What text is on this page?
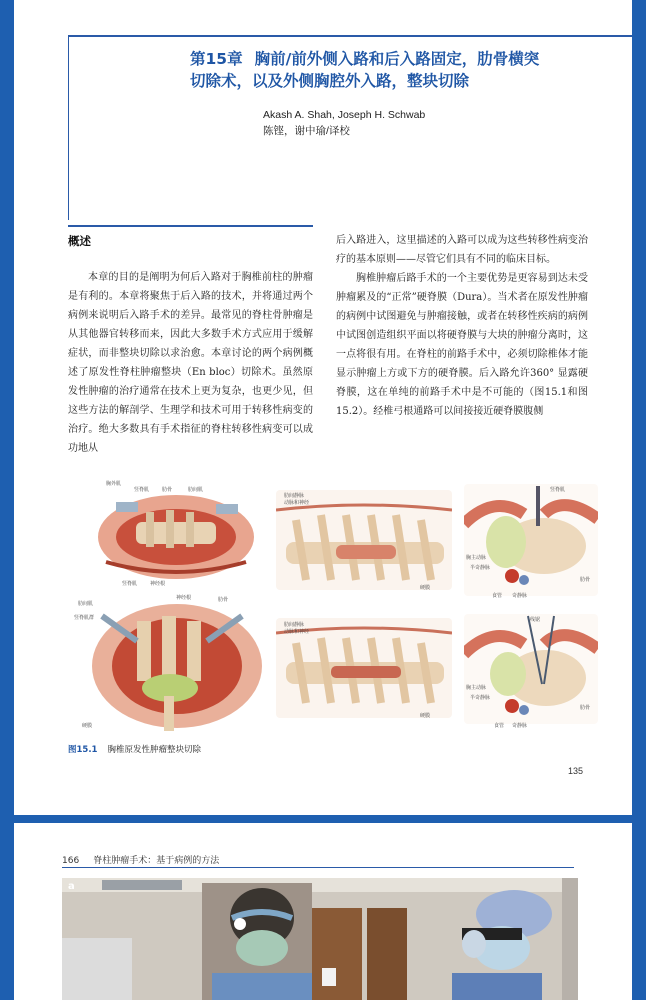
第15章 胸前/前外侧入路和后入路固定，肋骨横突
切除术，以及外侧胸腔外入路，整块切除
Akash A. Shah, Joseph H. Schwab
陈铿，谢中瑜/译校
概述

本章的目的是阐明为何后入路对于胸椎前柱的肿瘤是有利的。本章将聚焦于后入路的技术，并将通过两个病例来说明后入路手术的差异。最常见的脊柱骨肿瘤是从其他器官转移而来，因此大多数手术方式应用于缓解症状，而非整块切除以求治愈。本章讨论的两个病例概述了原发性脊柱肿瘤整块（En bloc）切除术。虽然原发性肿瘤的治疗通常在技术上更为复杂，也更少见，但这些方法的解剖学、生理学和技术可用于转移性病变的治疗。绝大多数具有手术指征的脊柱转移性病变可以成功地从

后入路进入，这里描述的入路可以成为这些转移性病变治疗的基本原则——尽管它们具有不同的临床目标。

胸椎肿瘤后路手术的一个主要优势是更容易到达未受肿瘤累及的“正常”硬脊膜（Dura）。当术者在原发性肿瘤的病例中试图避免与肿瘤接触，或者在转移性疾病的病例中试图创造组织平面以将硬脊膜与大块的肿瘤分离时，这一点将很有用。在脊柱的前路手术中，必须切除椎体才能显示肿瘤上方或下方的硬脊膜。后入路允许360° 显露硬脊膜，这在单纯的前路手术中是不可能的（图15.1和图15.2）。经椎弓根通路可以间接接近硬脊膜腹侧

胸外肌
竖脊肌	肋骨	肋间肌
竖脊肌	神经根
肋间肌
竖脊肌群
神经根	肋骨
硬膜
肋间静脉
动脉和神经
硬膜
肋间静脉
动脉和神经
硬膜
竖脊肌
胸主动脉
半奇静脉
肋骨
食管 奇静脉
线锯
胸主动脉
半奇静脉
食管
肋骨
奇静脉
图15.1 胸椎原发性肿瘤整块切除
135
166 脊柱肿瘤手术：基于病例的方法
a
